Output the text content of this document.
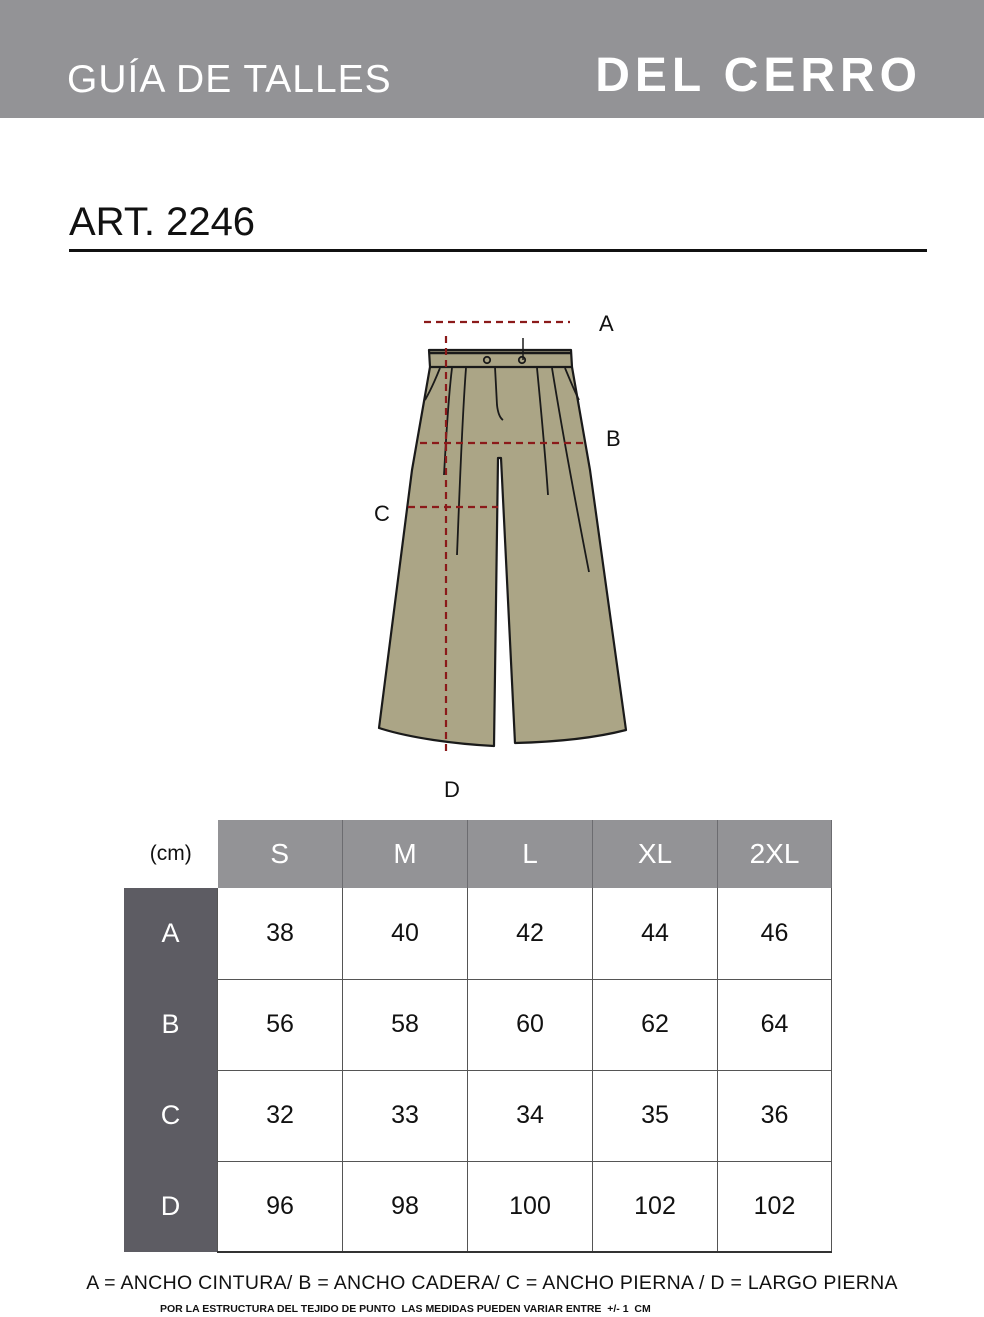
GUÍA DE TALLES	DEL CERRO
ART. 2246
A
B
C
D
(cm)	S	M	L	XL	2XL
A	38	40	42	44	46
B	56	58	60	62	64
C	32	33	34	35	36
D	96	98	100	102	102
A = ANCHO CINTURA/ B = ANCHO CADERA/ C = ANCHO PIERNA / D = LARGO PIERNA
POR LA ESTRUCTURA DEL TEJIDO DE PUNTO  LAS MEDIDAS PUEDEN VARIAR ENTRE  +/- 1  CM
